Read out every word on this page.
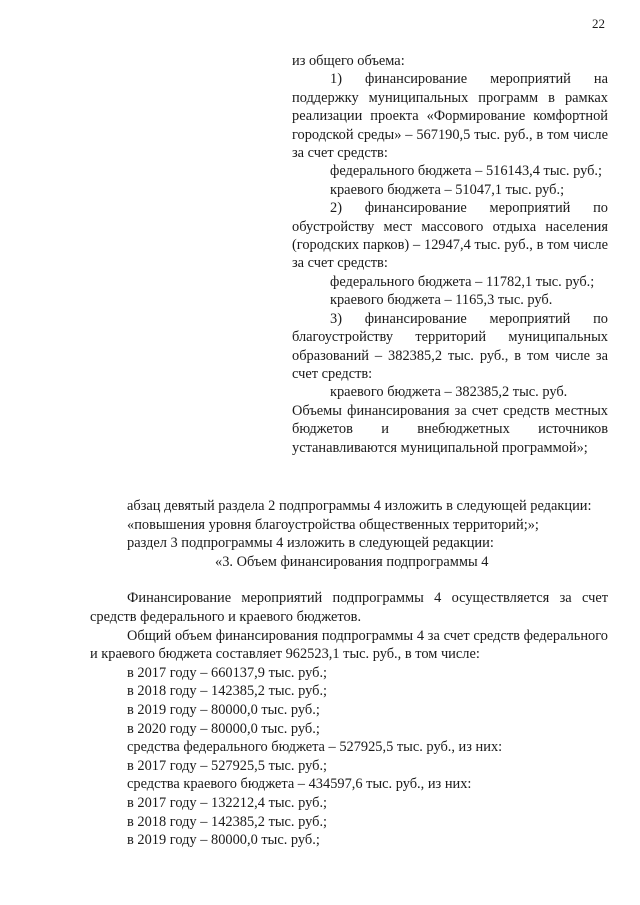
22

из общего объема:

1) финансирование мероприятий на поддержку муниципальных программ в рамках реализации проекта «Формирование комфортной городской среды» – 567190,5 тыс. руб., в том числе за счет средств:

федерального бюджета – 516143,4 тыс. руб.;

краевого бюджета – 51047,1 тыс. руб.;

2) финансирование мероприятий по обустройству мест массового отдыха населения (городских парков) – 12947,4 тыс. руб., в том числе за счет средств:

федерального бюджета – 11782,1 тыс. руб.;

краевого бюджета – 1165,3 тыс. руб.

3) финансирование мероприятий по благоустройству территорий муниципальных образований – 382385,2 тыс. руб., в том числе за счет средств:

краевого бюджета – 382385,2 тыс. руб.

Объемы финансирования за счет средств местных бюджетов и внебюджетных источников устанавливаются муниципальной программой»;

абзац девятый раздела 2 подпрограммы 4 изложить в следующей редакции:

«повышения уровня благоустройства общественных территорий;»;

раздел 3 подпрограммы 4 изложить в следующей редакции:

«3. Объем финансирования подпрограммы 4

Финансирование мероприятий подпрограммы 4 осуществляется за счет средств федерального и краевого бюджетов.

Общий объем финансирования подпрограммы 4 за счет средств федерального и краевого бюджета составляет 962523,1 тыс. руб., в том числе:

в 2017 году – 660137,9 тыс. руб.;

в 2018 году – 142385,2 тыс. руб.;

в 2019 году – 80000,0 тыс. руб.;

в 2020 году – 80000,0 тыс. руб.;

средства федерального бюджета – 527925,5 тыс. руб., из них:

в 2017 году – 527925,5 тыс. руб.;

средства краевого бюджета – 434597,6 тыс. руб., из них:

в 2017 году – 132212,4 тыс. руб.;

в 2018 году – 142385,2 тыс. руб.;

в 2019 году – 80000,0 тыс. руб.;
